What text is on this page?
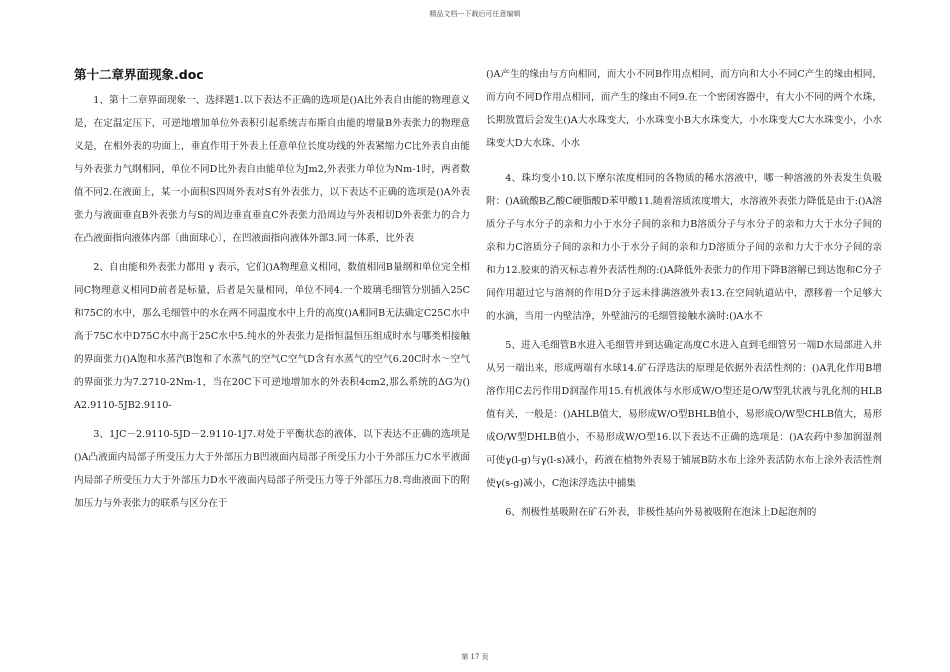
精品文档---下载后可任意编辑
第十二章界面现象.doc

1、第十二章界面现象一、选择题1.以下表达不正确的选项是()A比外表自由能的物理意义是，在定温定压下，可逆地增加单位外表积引起系统吉布斯自由能的增量B外表张力的物理意义是，在相外表的功面上，垂直作用于外表上任意单位长度功线的外表紧缩力C比外表自由能与外表张力气纲相同，单位不同D比外表自由能单位为Jm2,外表张力单位为Nm-1时，两者数值不同2.在液面上，某一小面积S四周外表对S有外表张力，以下表达不正确的选项是()A外表张力与液面垂直B外表张力与S的周边垂直垂直C外表张力沿周边与外表相切D外表张力的合力在凸液面指向液体内部〔曲面球心〕，在凹液面指向液体外部3.同一体系，比外表

2、自由能和外表张力都用 γ 表示，它们()A物理意义相同，数值相同B量纲和单位完全相同C物理意义相同D前者是标量，后者是矢量相同，单位不同4.一个玻璃毛细管分别插入25C和75C的水中，那么毛细管中的水在两不同温度水中上升的高度()A相同B无法确定C25C水中高于75C水中D75C水中高于25C水中5.纯水的外表张力是指恒温恒压组成时水与哪类相接触的界面张力()A饱和水蒸汽B饱和了水蒸气的空气C空气D含有水蒸气的空气6.20C时水～空气的界面张力为7.2710-2Nm-1，当在20C下可逆地增加水的外表积4cm2,那么系统的ΔG为()A2.9110-5JB2.9110-

3、1JC－2.9110-5JD－2.9110-1J7.对处于平衡状态的液体，以下表达不正确的选项是()A凸液面内局部子所受压力大于外部压力B凹液面内局部子所受压力小于外部压力C水平液面内局部子所受压力大于外部压力D水平液面内局部子所受压力等于外部压力8.弯曲液面下的附加压力与外表张力的联系与区分在于

()A产生的缘由与方向相同，而大小不同B作用点相同，而方向和大小不同C产生的缘由相同，而方向不同D作用点相同，而产生的缘由不同9.在一个密闭容器中，有大小不同的两个水珠，长期放置后会发生()A大水珠变大，小水珠变小B大水珠变大，小水珠变大C大水珠变小，小水珠变大D大水珠、小水

4、珠均变小10.以下摩尔浓度相同的各物质的稀水溶液中，哪一种溶液的外表发生负吸附：()A硫酸B乙酸C硬脂酸D苯甲酸11.随着溶质浓度增大，水溶液外表张力降低是由于:()A溶质分子与水分子的亲和力小于水分子间的亲和力B溶质分子与水分子的亲和力大于水分子间的亲和力C溶质分子间的亲和力小于水分子间的亲和力D溶质分子间的亲和力大于水分子间的亲和力12.胶束的消灭标志着外表活性剂的:()A降低外表张力的作用下降B溶解已到达饱和C分子间作用超过它与溶剂的作用D分子远未排满溶液外表13.在空间轨道站中，漂移着一个足够大的水滴，当用一内壁洁净，外壁油污的毛细管接触水滴时:()A水不

5、进入毛细管B水进入毛细管并到达确定高度C水进入直到毛细管另一端D水局部进入并从另一端出来，形成两端有水球14.矿石浮选法的原理是依据外表活性剂的：()A乳化作用B增溶作用C去污作用D润湿作用15.有机液体与水形成W/O型还是O/W型乳状液与乳化剂的HLB值有关，一般是：()AHLB值大，易形成W/O型BHLB值小，易形成O/W型CHLB值大，易形成O/W型DHLB值小，不易形成W/O型16.以下表达不正确的选项是：()A农药中参加润湿剂可使γ(l-g)与γ(l-s)减小，药液在植物外表易于铺展B防水布上涂外表活防水布上涂外表活性剂使γ(s-g)减小，C泡沫浮选法中捕集

6、剂极性基吸附在矿石外表，非极性基向外易被吸附在泡沫上D起泡剂的

第 17 页
